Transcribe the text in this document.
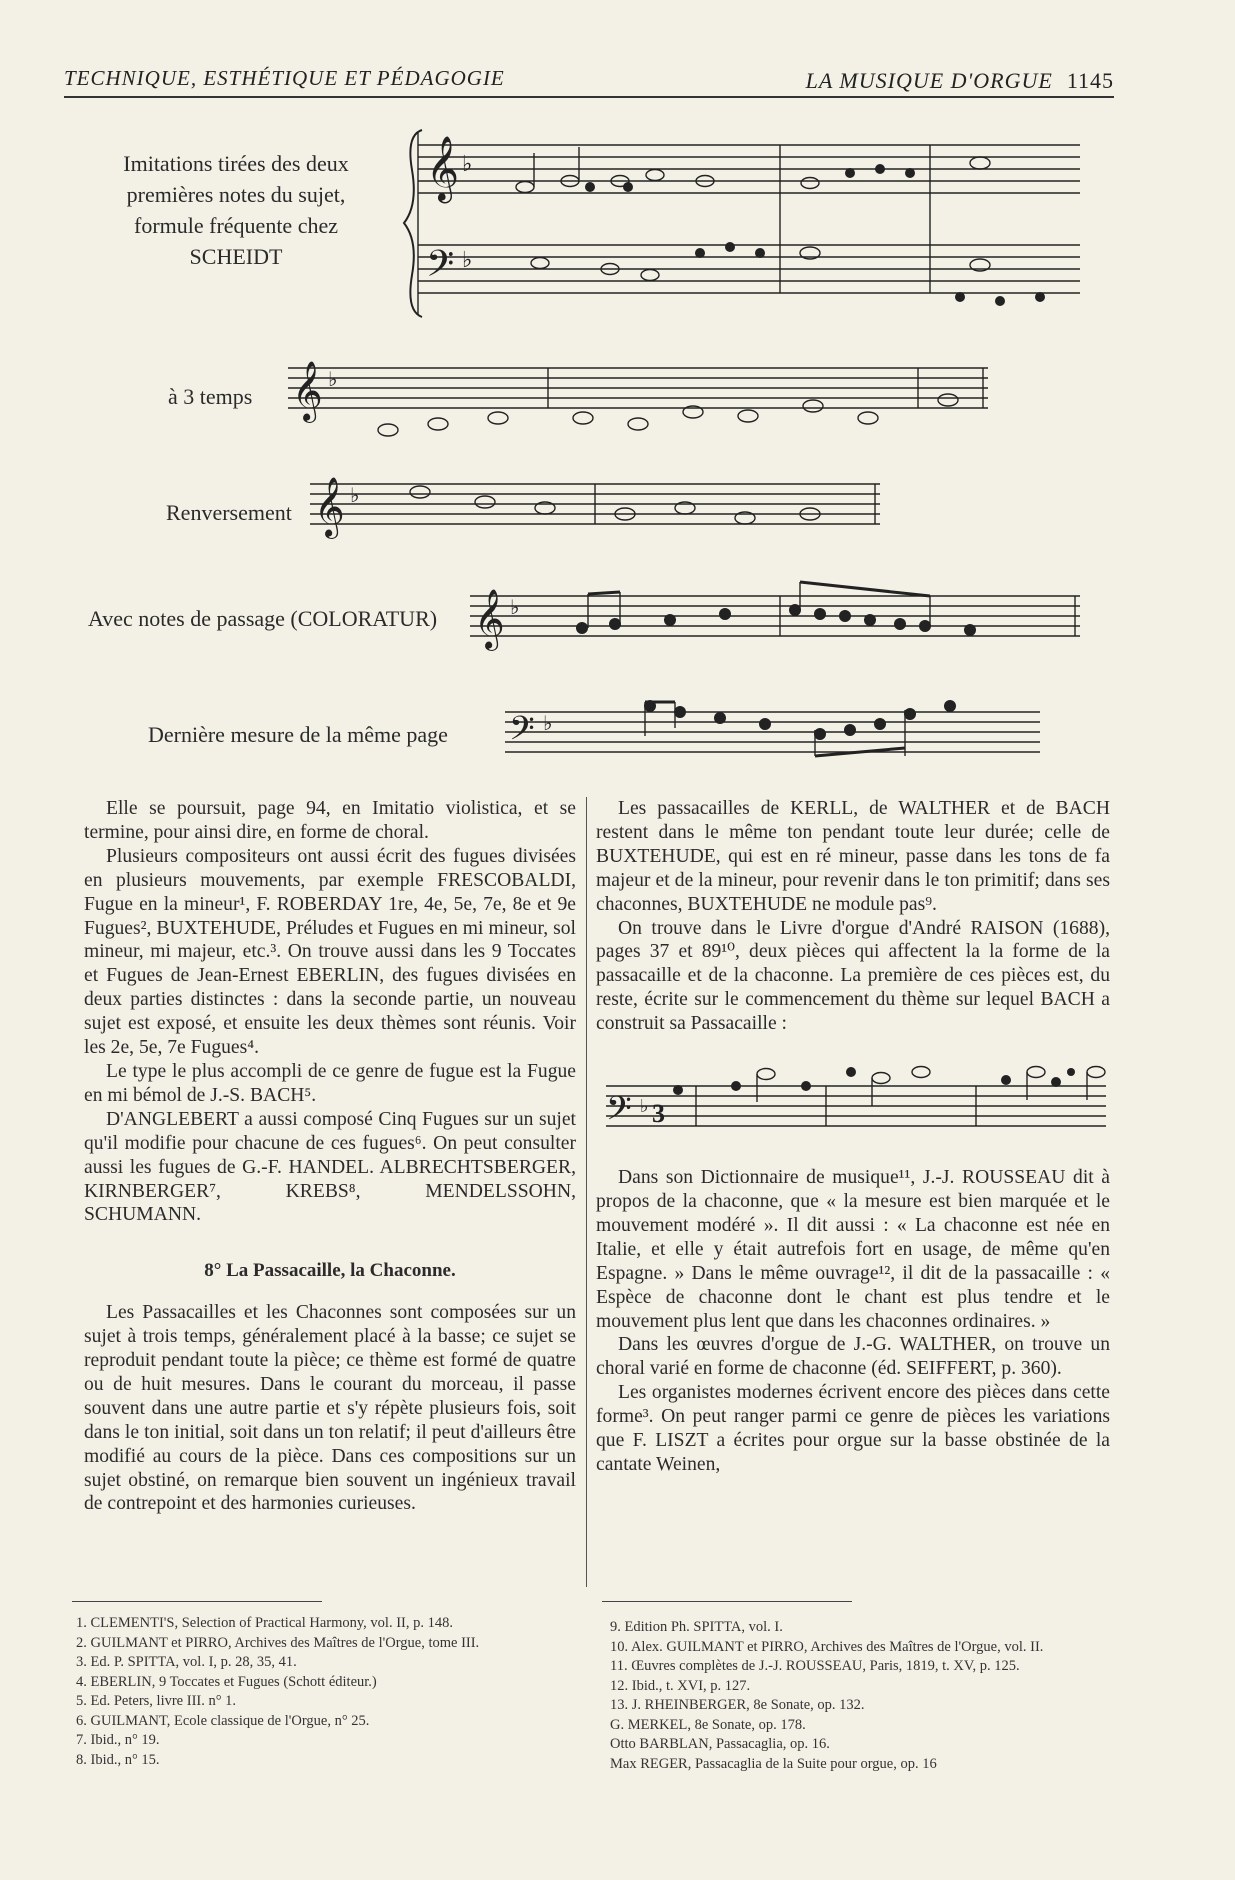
TECHNIQUE, ESTHÉTIQUE ET PÉDAGOGIE	LA MUSIQUE D'ORGUE 1145
Imitations tirées des deux premières notes du sujet, formule fréquente chez SCHEIDT
𝄞
𝄢
♭
♭
à 3 temps 𝄞 ♭
Renversement 𝄞 ♭
Avec notes de passage (COLORATUR) 𝄞 ♭
Dernière mesure de la même page 𝄢 ♭

Elle se poursuit, page 94, en Imitatio violistica, et se termine, pour ainsi dire, en forme de choral.

Plusieurs compositeurs ont aussi écrit des fugues divisées en plusieurs mouvements, par exemple FRESCOBALDI, Fugue en la mineur¹, F. ROBERDAY 1re, 4e, 5e, 7e, 8e et 9e Fugues², BUXTEHUDE, Préludes et Fugues en mi mineur, sol mineur, mi majeur, etc.³. On trouve aussi dans les 9 Toccates et Fugues de Jean-Ernest EBERLIN, des fugues divisées en deux parties distinctes : dans la seconde partie, un nouveau sujet est exposé, et ensuite les deux thèmes sont réunis. Voir les 2e, 5e, 7e Fugues⁴.

Le type le plus accompli de ce genre de fugue est la Fugue en mi bémol de J.-S. BACH⁵.

D'ANGLEBERT a aussi composé Cinq Fugues sur un sujet qu'il modifie pour chacune de ces fugues⁶. On peut consulter aussi les fugues de G.-F. HANDEL. ALBRECHTSBERGER, KIRNBERGER⁷, KREBS⁸, MENDELSSOHN, SCHUMANN.

8° La Passacaille, la Chaconne.

Les Passacailles et les Chaconnes sont composées sur un sujet à trois temps, généralement placé à la basse; ce sujet se reproduit pendant toute la pièce; ce thème est formé de quatre ou de huit mesures. Dans le courant du morceau, il passe souvent dans une autre partie et s'y répète plusieurs fois, soit dans le ton initial, soit dans un ton relatif; il peut d'ailleurs être modifié au cours de la pièce. Dans ces compositions sur un sujet obstiné, on remarque bien souvent un ingénieux travail de contrepoint et des harmonies curieuses.

Les passacailles de KERLL, de WALTHER et de BACH restent dans le même ton pendant toute leur durée; celle de BUXTEHUDE, qui est en ré mineur, passe dans les tons de fa majeur et de la mineur, pour revenir dans le ton primitif; dans ses chaconnes, BUXTEHUDE ne module pas⁹.

On trouve dans le Livre d'orgue d'André RAISON (1688), pages 37 et 89¹⁰, deux pièces qui affectent la la forme de la passacaille et de la chaconne. La première de ces pièces est, du reste, écrite sur le commencement du thème sur lequel BACH a construit sa Passacaille :

𝄢 ♭ 3

Dans son Dictionnaire de musique¹¹, J.-J. ROUSSEAU dit à propos de la chaconne, que « la mesure est bien marquée et le mouvement modéré ». Il dit aussi : « La chaconne est née en Italie, et elle y était autrefois fort en usage, de même qu'en Espagne. » Dans le même ouvrage¹², il dit de la passacaille : « Espèce de chaconne dont le chant est plus tendre et le mouvement plus lent que dans les chaconnes ordinaires. »

Dans les œuvres d'orgue de J.-G. WALTHER, on trouve un choral varié en forme de chaconne (éd. SEIFFERT, p. 360).

Les organistes modernes écrivent encore des pièces dans cette forme³. On peut ranger parmi ce genre de pièces les variations que F. LISZT a écrites pour orgue sur la basse obstinée de la cantate Weinen,

1. CLEMENTI'S, Selection of Practical Harmony, vol. II, p. 148.
2. GUILMANT et PIRRO, Archives des Maîtres de l'Orgue, tome III.
3. Ed. P. SPITTA, vol. I, p. 28, 35, 41.
4. EBERLIN, 9 Toccates et Fugues (Schott éditeur.)
5. Ed. Peters, livre III. n° 1.
6. GUILMANT, Ecole classique de l'Orgue, n° 25.
7. Ibid., n° 19.
8. Ibid., n° 15.
9. Edition Ph. SPITTA, vol. I.
10. Alex. GUILMANT et PIRRO, Archives des Maîtres de l'Orgue, vol. II.
11. Œuvres complètes de J.-J. ROUSSEAU, Paris, 1819, t. XV, p. 125.
12. Ibid., t. XVI, p. 127.
13. J. RHEINBERGER, 8e Sonate, op. 132.
G. MERKEL, 8e Sonate, op. 178.
Otto BARBLAN, Passacaglia, op. 16.
Max REGER, Passacaglia de la Suite pour orgue, op. 16
